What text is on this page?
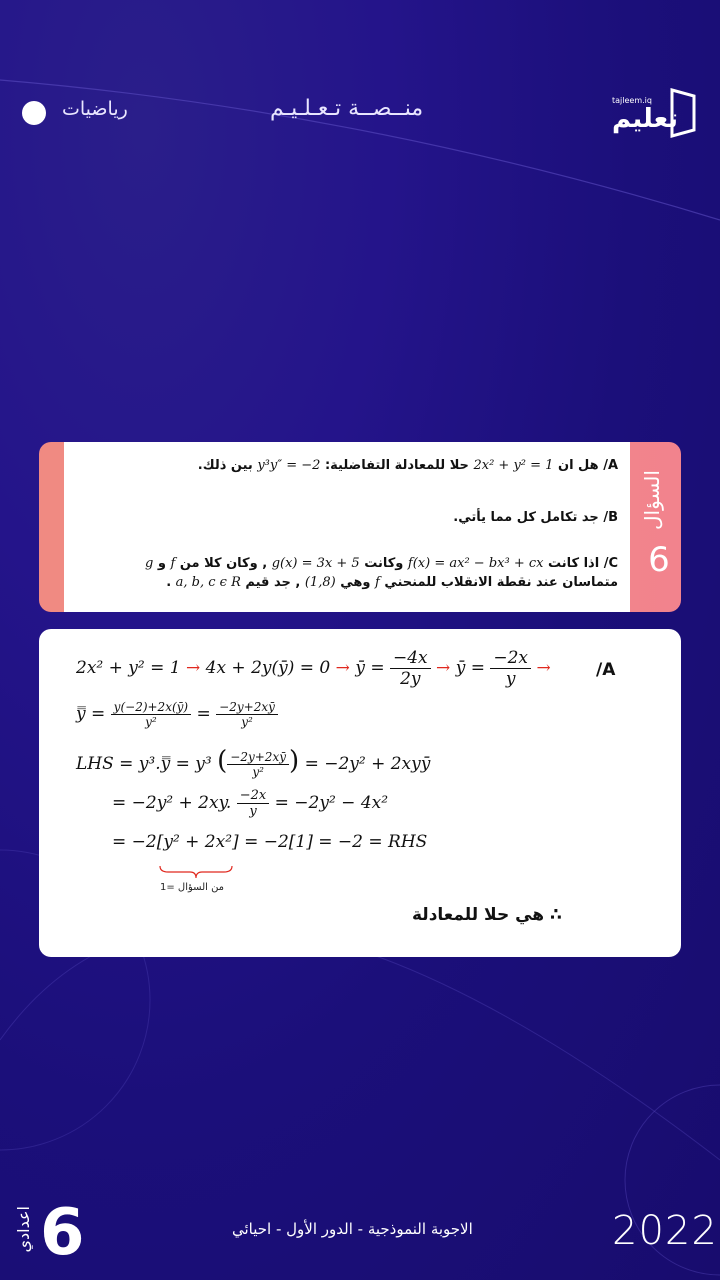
رياضيات	منــصــة تـعـلـيـم	tajleem.iq
تعليم
السؤال
6
A/ هل ان 2x² + y² = 1 حلا للمعادلة التفاضلية: y³y″ = −2 بين ذلك.
B/ جد تكامل كل مما يأتي.
C/ اذا كانت f(x) = ax² − bx³ + cx وكانت g(x) = 3x + 5 , وكان كلا من f و g
متماسان عند نقطة الانقلاب للمنحني f وهي (1,8) , جد قيم a, b, c ϵ R .
/A
2x² + y² = 1 → 4x + 2y(ȳ) = 0 → ȳ = $\frac{-4x}{2y}$ → ȳ = $\frac{-2x}{y}$ →
y̿ = $\frac{y(-2)+2x(ȳ)}{\text{y²}} = \frac{-2y+2xȳ}{\text{y²}}$
LHS = y³.y̿ = y³ ( $\frac{-2y+2xȳ}{\text{y²}}$ ) = −2y² + 2xyȳ
= −2y² + 2xy. $\frac{-2x}{y} = -2y^2 - 4x^2$
= −2[y² + 2x²] = −2[1] = −2 = RHS
من السؤال =1
∴ هي حلا للمعادلة
2022
الاجوبة النموذجية - الدور الأول - احيائي
6
اعدادي
